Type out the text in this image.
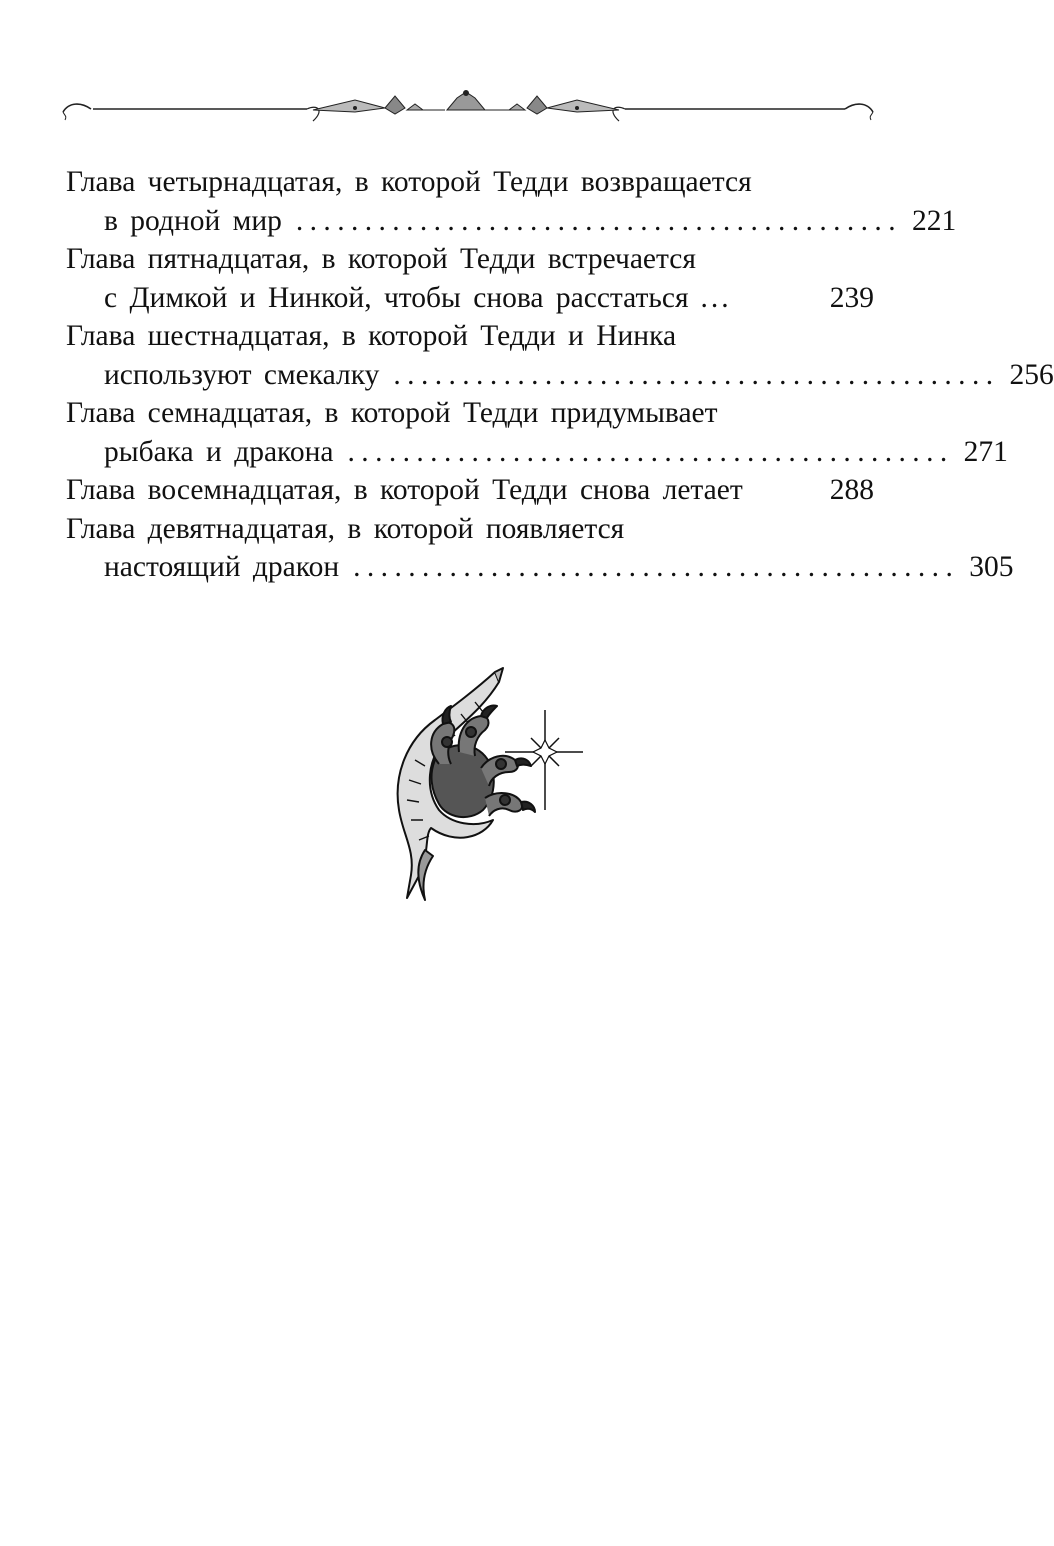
Глава четырнадцатая, в которой Тедди возвращается
в родной мир ............................................ 221
Глава пятнадцатая, в которой Тедди встречается
с Димкой и Нинкой, чтобы снова расстаться ...	239
Глава шестнадцатая, в которой Тедди и Нинка
используют смекалку ............................................ 256
Глава семнадцатая, в которой Тедди придумывает
рыбака и дракона ............................................ 271
Глава восемнадцатая, в которой Тедди снова летает	288
Глава девятнадцатая, в которой появляется
настоящий дракон ............................................ 305
